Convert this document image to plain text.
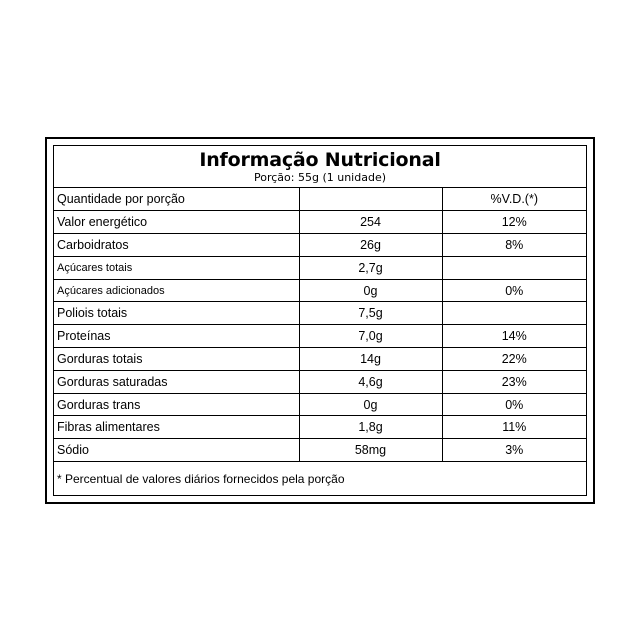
Informação Nutricional
Porção: 55g (1 unidade)
Quantidade por porção		%V.D.(*)
Valor energético	254	12%
Carboidratos	26g	8%
Açúcares totais	2,7g	
Açúcares adicionados	0g	0%
Poliois totais	7,5g	
Proteínas	7,0g	14%
Gorduras totais	14g	22%
Gorduras saturadas	4,6g	23%
Gorduras trans	0g	0%
Fibras alimentares	1,8g	11%
Sódio	58mg	3%
* Percentual de valores diários fornecidos pela porção
